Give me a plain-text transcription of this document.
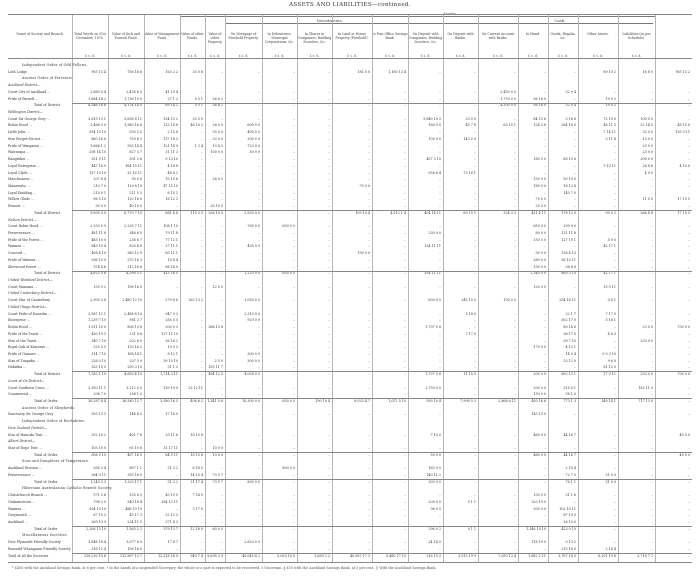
ASSETS AND LIABILITIES—continued.
Assets.
Investments.	Cash.
Name of Society and Branch.	Total Worth on 31st December, 1876.
£ s. d.
Value of Sick and Funeral Fund.
£ s. d.
Value of Management Fund.
£ s. d.
Value of other Funds.
£ s. d.
Value of other Property.
£ s. d.
On Mortgage of Freehold Property.
£ s. d.
In Debentures, Municipal Corporations, &c.
£ s. d.
In Shares in Companies, Building Societies, &c.
£ s. d.
In Land or House Property (Freehold).
£ s. d.
In Post Office Savings Bank.
£ s. d.
On Deposit with Companies, Building Societies, &c.
£ s. d.
On Deposit with Banks.
£ s. d.
On Current Account with Banks.
£ s. d.
In Hand.
£ s. d.
Goods, Regalia, &c.
£ s. d.
Other Assets.
£ s. d.
Liabilities (as per Schedule).
£ s. d.
Independent Order of Odd Fellows,
Loth Lodge	955 13 4	758 16 6	163 2 2	33 0 8	..	..	..	..	181 0 0	1,160 13 4	..	..	..	..	..	89 10 2	16 8 0	765 13 2
Ancient Order of Foresters.
Auckland District—
Court City of Auckland ...	2,683 0 4	2,436 8 0	41 19 4	..	..	..	..	..	..	..	..	..	2,450 0 0	..	32 0 4	..	..	..
Pride of Parnell ...	1,664 16 2	1,736 19 0	27 1 2	5 5 1	26 6 2	..	..	..	..	..	..	..	1,750 0 0	56 16 0	..	19 0 2	..	..
Total of District	4,346 16 6	4,174 14 0	69 14 2	5 5 1	26 6 2	..	..	..	..	..	..	..	4,200 0 0	56 16 0	32 0 4	19 0 2	..	..
Wellington District—
Court Sir George Grey ...	3,619 13 1	3,636 8 11	134 15 2	33 5 0	..	..	..	..	..	..	3,840 10 3	23 0 0	..	84 15 6	3 16 8	72 10 0	100 0 0	..
Robin Hood ...	2,466 0 0	1,980 16 8	123 14 8	46 16 2	28 0 0	600 0 0	..	..	..	..	180 0 0	45 7 8	63 15 1	124 3 8	284 16 0	46 11 3	52 14 0	48 15 0
Little John ...	554 10 10	550 5 5	2 15 8	..	55 0 0	400 0 0	..	..	..	..	..	..	..	..	..	7 14 11	32 0 0	135 3 11
Star Forget-Me-not ...	860 16 8	759 8 3	137 18 3	..	33 0 0	300 0 0	..	..	..	..	100 0 0	143 0 0	..	..	..	3 11 8	13 0 0	..
Pride of Wanganui ...	1,666 1 2	933 14 4	121 14 9	1 3 4	19 4 5	720 0 0	..	..	..	..	..	..	..	..	..	..	23 0 0	..
Wairarapa ...	298 14 10	827 3 7	31 11 3	..	100 0 0	50 0 0	..	..	..	..	..	..	..	..	..	..	23 0 0	..
Rangitikei ...	331 0 11	301 2 6	9 13 10	..	..	..	..	..	..	..	457 3 10	..	..	180 0 0	68 15 6	..	300 0 0	..
Loyal Enterprise ...	447 16 9	164 15 11	4 18 8	..	..	..	..	..	..	..	..	..	..	..	..	9 19 11	26 8 6	4 15 0
Loyal Clyde ...	157 10 10	32 16 11	48 6 2	..	..	..	..	..	..	..	358 6 4	75 16 1	..	..	..	..	4 0 0	..
Marchioness ...	207 8 4	95 0 6	10 19 6	..	28 0 0	..	..	..	..	..	..	..	..	150 0 0	50 19 0	..	..	..
Manawatu ...	210 7 0	129 8 10	47 15 10	..	..	..	..	..	70 0 0	..	..	..	..	185 0 0	18 12 8	..	..	..
Loyal Redding ...	210 0 1	211 5 3	6 15 2	..	..	..	..	..	..	..	..	..	..	..	140 7 0	..	..	..
Willow Glade ...	96 5 10	120 16 0	16 12 2	..	..	..	..	..	..	..	..	..	..	75 0 0	..	..	11 0 0	17 10 5
Pioneer ...	50 0 0	40 10 0	..	..	26 10 0	..	..	..	..	..	..	..	..	25 0 0	..	..	..	..
Total of District	9,895 0 0	8,770 7 10	661 4 6	115 3 0	256 10 0	2,930 0 0	..	..	109 10 4	4,512 1 4	404 14 11	69 15 1	334 3 3	451 4 11	178 12 0	99 0 2	266 4 8	17 10 5
Nelson District—
Court Robin Hood ...	2,333 0 9	2,235 7 11	108 1 10	..	..	765 0 0	650 0 0	..	..	..	..	..	..	650 0 0	299 9 0	..	..	..
Perseverance ...	481 11 8	346 6 0	79 11 8	..	..	..	..	..	..	..	230 0 0	..	..	80 0 0	131 11 8	..	..	..
Pride of the Forest ...	485 10 0	236 6 7	77 12 1	..	..	..	..	..	..	..	..	..	..	150 0 0	127 19 1	5 0 0	..	..
Waimea ...	649 10 4	620 4 6	27 11 1	..	..	455 0 0	..	..	..	..	124 11 11	..	..	..	..	42 17 1	..	..
Concord ...	408 4 10	380 12 9	65 11 1	..	..	..	..	..	190 0 0	..	..	..	..	50 0 0	136 4 10	..	..	..
Pride of Waimea ...	296 10 9	270 16 3	19 8 4	..	..	..	..	..	..	..	..	..	..	280 0 0	36 10 11	..	..	..
Sherwood Forest ...	374 4 6	313 16 8	68 14 0	..	..	..	..	..	..	..	..	..	..	130 0 0	38 4 8	..	..	..
Total of District	4,623 0 6	4,390 3 1	415 16 5	..	..	1,220 0 0	650 0 0	..	..	..	354 11 11	..	..	1,340 0 0	800 3 10	42 17 1	..	..
United Westland District—
Court Manama ...	155 0 2	198 16 0	..	..	12 0 0	..	..	..	..	..	..	..	..	120 0 0	..	15 0 11	..	..
United Canterbury District—
Court Star of Canterbury	2,905 3 8	2,480 12 10	270 8 6	263 13 2	..	1,050 0 0	..	..	..	..	600 0 0	245 10 0	100 0 0	..	254 16 11	0 8 1	..	..
United Otago District—
Court Pride of Dunedin ...	2,587 12 1	2,488 8 10	947 9 3	..	..	2,310 0 0	..	..	..	..	..	3 18 0	..	..	22 1 7	7 17 0	..	..
Enterprise ...	1,239 7 10	981 3 7	285 5 5	..	..	929 0 0	..	..	..	..	..	..	..	..	302 17 0	5 18 1	..	..
Robin Hood ...	1,511 10 0	806 13 8	200 0 3	..	286 13 8	..	..	..	..	..	1,707 5 8	..	..	..	80 18 6	..	23 0 0	700 0 0
Pride of the Taieri ...	430 19 3	231 9 8	127 11 10	..	..	..	..	..	..	..	..	7 17 0	..	..	36 17 0	4 8 0	..	..
Star of the Taieri ...	340 7 10	202 8 0	36 16 2	..	..	..	..	..	..	..	..	..	..	..	39 7 10	..	230 0 0	..
Royal Oak of Kawarau ...	225 5 5	120 16 2	10 9 3	..	..	..	..	..	..	..	..	..	..	170 0 0	4 13 1	..	..	..
Pride of Oamaru ...	314 7 10	168 14 1	8 12 1	..	..	300 0 0	..	..	..	..	..	..	..	..	14 0 4	0 0 3 10	..	..
Star of Tuapeka ...	226 0 10	207 5 0	39 10 10	..	2 5 0	300 0 0	..	..	..	..	..	..	..	..	25 12 0	9 6 0	..	..
Hokitika ...	325 10 0	290 3 10	31 1 3	..	155 11 7	..	..	..	..	..	..	..	..	..	..	81 12 0	..	..
Total of District	7,285 1 10	4,650 4 10	1,714 3 11	..	494 12 5	4,058 0 0	..	..	..	..	1,707 5 8	11 15 0	..	205 0 0	653 13 1	17 9 11	253 0 0	700 0 0
Court at Ox District—
Court Southern Cross ...	3,350 11 1	3,212 0 0	139 19 9	23 12 11	..	..	..	..	..	..	2,750 0 0	..	..	200 0 0	315 0 1	..	155 11 0	..
Commercial ...	208 7 0	258 1 0	..	..	..	..	..	..	..	..	..	..	..	150 0 0	58 1 0	..	..	..
Total of Order	30,287 4 4	26,580 13 7	3,580 16 3	408 6 2	1,341 5 6	10,300 0 0	650 0 0	190 10 4	6,025 4 7	1,072 5 10	590 10 4	7,990 5 3	2,868 6 11	450 16 6	773 1 3	349 14 1	717 13 0	..
Ancient Order of Shepherds.
Sanctuary Sir George Grey	305 13 3	144 4 0	17 16 0	..	..	..	..	..	..	..	..	..	..	143 13 0	..	..	..	..
Independent Order of Rechabites.
New Zealand District—
Star of Hauraki Tent ...	352 10 2	401 7 6	25 11 6	16 15 8	..	..	..	..	..	..	7 10 0	..	..	460 0 0	44 16 7	..	..	40 0 0
Albert District—
Star of Hope Tent ...	105 10 0	93 10 6	31 17 11	..	10 0 0	..	..	..	..	..	..	..	..	..	..	..	..	..
Total of Order	506 0 10	497 18 0	64 9 11	16 15 8	10 0 0	..	..	..	..	..	50 0 0	..	..	460 0 0	44 16 7	..	..	40 0 0
Sons and Daughters of Temperance.
Auckland Division ...	956 2 4	867 1 1	31 3 2	6 18 0	..	..	800 0 0	..	..	..	163 9 0	..	..	..	2 10 4	..	..	..
Perseverance ...	284 0 11	355 16 0	..	14 10 4	73 5 7	..	..	..	..	..	140 11 2	..	..	..	72 7 0	51 0 0	..	..
Total of Order	1,240 3 3	1,229 17 1	31 3 2	21 17 4	73 5 7	800 0 0	..	..	..	..	303 9 0	..	..	..	76 1 1	51 0 0	..	..
Hibernian Australasian Catholic Benefit Society.
Christchurch Branch ...	571 5 6	155 8 5	43 10 0	7 14 0	..	..	..	..	..	..	..	..	..	130 0 0	31 1 6	..	..	..
Grahamstown ...	798 2 0	540 18 4	264 13 11	..	..	..	..	..	..	..	200 0 0	9 1 1	..	320 19 0	..	..	..	..
Waimea ...	504 10 10	488 19 10	..	3 17 0	..	..	..	..	..	..	96 0 5	..	..	300 0 0	102 10 11	..	..	..
Greymouth ...	67 19 3	45 17 3	22 12 3	..	..	..	..	..	..	..	..	..	..	..	67 19 3	..	..	..
Auckland ...	269 13 9	234 11 0	371 4 3	..	..	..	..	..	..	..	..	..	..	..	26 10 0	..	..	..
Total of Order	2,208 13 10	1,565 2 2	379 13 7	12 18 0	60 0 0	..	..	..	..	..	296 0 2	9 1 1	..	1,346 10 10	423 0 10	..	..	..
Miscellaneous Societies.
New Plymouth Friendly Society	3,848 18 4	3,077 8 9	17 8 7	..	..	2,820 0 0	..	..	..	..	24 14 0	..	..	118 19 0	0 13 2	..	..	..
Emerald Whanganui Friendly Society	216 12 4	158 16 0	..	..	..	..	..	..	..	..	..	..	..	..	215 16 0	2 16 4	..	..
Total of all the Societies	120,230 10 6	112,967 13 7	12,318 14 0	940 7 4	9,638 3 9	40,045 4 2	5,029 10 0	1,659 2 2	40,567 17 3	5,480 17 10	216 15 3	1,515 19 9	7,050 13 4	1,682 2 11	3,767 18 0	6,201 19 8	2,718 7 2	..
* £450 with the Auckland Savings Bank, at 6 per cent. † In the hands of a suspended Secretary; the whole or a part is expected to be recovered. ‡ Uncertain. § £50 with the Auckland Savings Bank, at 5 per cent. || With the Auckland Savings Bank.
